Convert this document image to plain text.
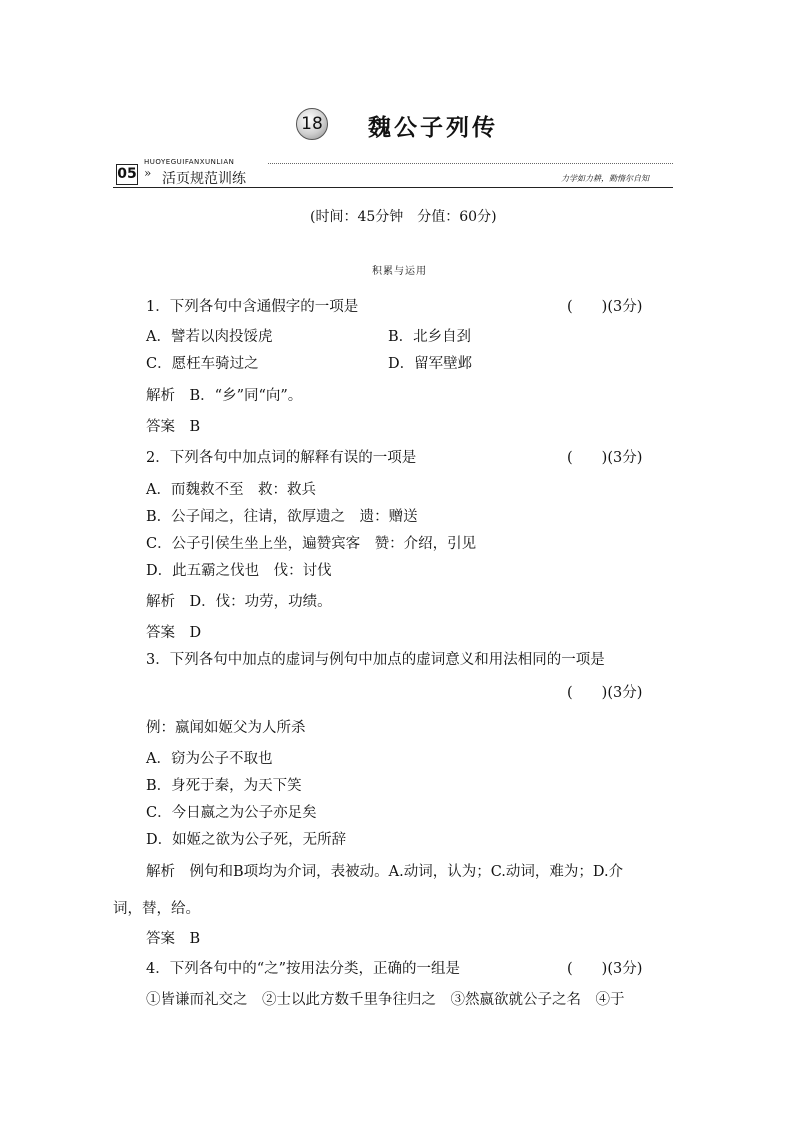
18 魏公子列传
HUOYEGUIFANXUNLIAN
05 » 活页规范训练	力学如力耕，勤惰尔自知
(时间：45分钟　分值：60分)
积累与运用
1．下列各句中含通假字的一项是	(　　)(3分)
A．譬若以肉投馁虎	B．北乡自刭
C．愿枉车骑过之	D．留军壁邺
解析　 B．“乡”同“向”。
答案　 B
2．下列各句中加点词的解释有误的一项是	(　　)(3分)
A．而魏救不至　救：救兵
B．公子闻之，往请，欲厚遗之　遗：赠送
C．公子引侯生坐上坐，遍赞宾客　赞：介绍，引见
D．此五霸之伐也　伐：讨伐
解析　 D．伐：功劳，功绩。
答案　 D
3．下列各句中加点的虚词与例句中加点的虚词意义和用法相同的一项是
(　　)(3分)
例：嬴闻如姬父为人所杀
A．窃为公子不取也
B．身死于秦，为天下笑
C．今日嬴之为公子亦足矣
D．如姬之欲为公子死，无所辞
解析　 例句和B项均为介词，表被动。A.动词，认为；C.动词，难为；D.介
词，替，给。
答案　 B
4．下列各句中的“之”按用法分类，正确的一组是	(　　)(3分)
①皆谦而礼交之　②士以此方数千里争往归之　③然嬴欲就公子之名　④于
